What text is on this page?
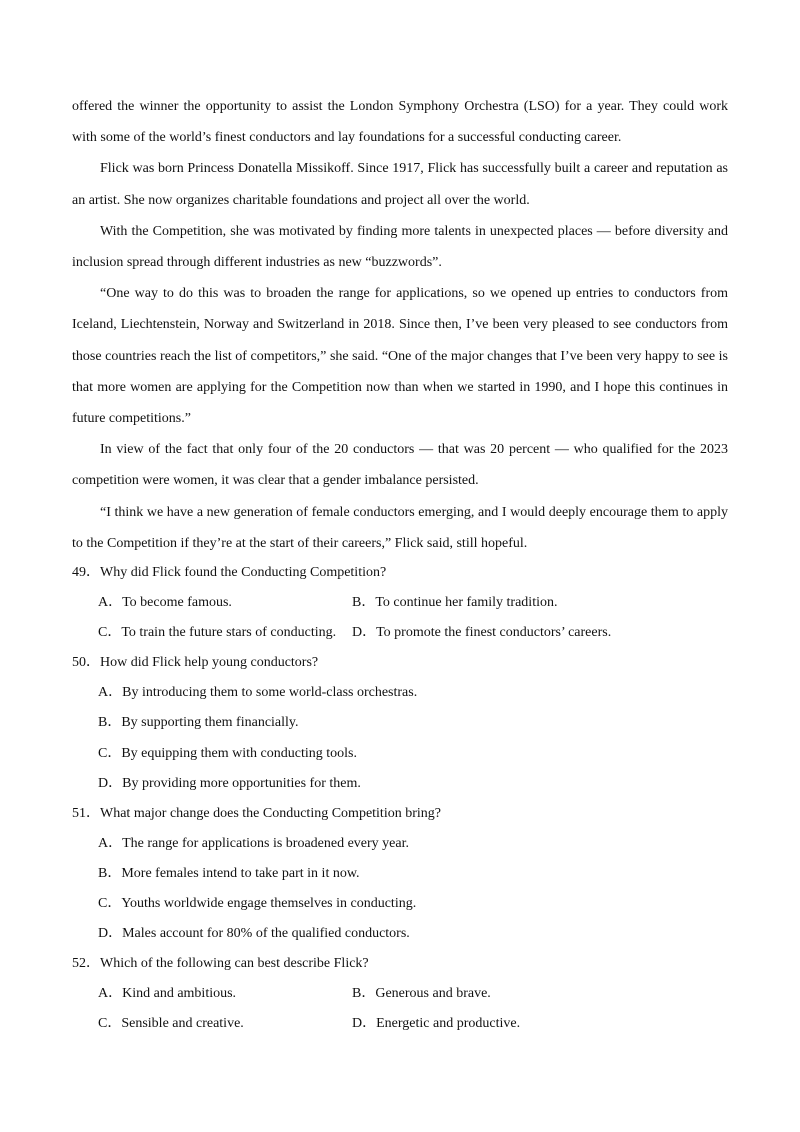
offered the winner the opportunity to assist the London Symphony Orchestra (LSO) for a year. They could work with some of the world’s finest conductors and lay foundations for a successful conducting career.

Flick was born Princess Donatella Missikoff. Since 1917, Flick has successfully built a career and reputation as an artist. She now organizes charitable foundations and project all over the world.

With the Competition, she was motivated by finding more talents in unexpected places — before diversity and inclusion spread through different industries as new “buzzwords”.

“One way to do this was to broaden the range for applications, so we opened up entries to conductors from Iceland, Liechtenstein, Norway and Switzerland in 2018. Since then, I’ve been very pleased to see conductors from those countries reach the list of competitors,” she said. “One of the major changes that I’ve been very happy to see is that more women are applying for the Competition now than when we started in 1990, and I hope this continues in future competitions.”

In view of the fact that only four of the 20 conductors — that was 20 percent — who qualified for the 2023 competition were women, it was clear that a gender imbalance persisted.

“I think we have a new generation of female conductors emerging, and I would deeply encourage them to apply to the Competition if they’re at the start of their careers,” Flick said, still hopeful.

49．Why did Flick found the Conducting Competition?
A．To become famous.	B．To continue her family tradition.
C．To train the future stars of conducting.	D．To promote the finest conductors’ careers.
50．How did Flick help young conductors?
A．By introducing them to some world-class orchestras.
B．By supporting them financially.
C．By equipping them with conducting tools.
D．By providing more opportunities for them.
51．What major change does the Conducting Competition bring?
A．The range for applications is broadened every year.
B．More females intend to take part in it now.
C．Youths worldwide engage themselves in conducting.
D．Males account for 80% of the qualified conductors.
52．Which of the following can best describe Flick?
A．Kind and ambitious.	B．Generous and brave.
C．Sensible and creative.	D．Energetic and productive.
